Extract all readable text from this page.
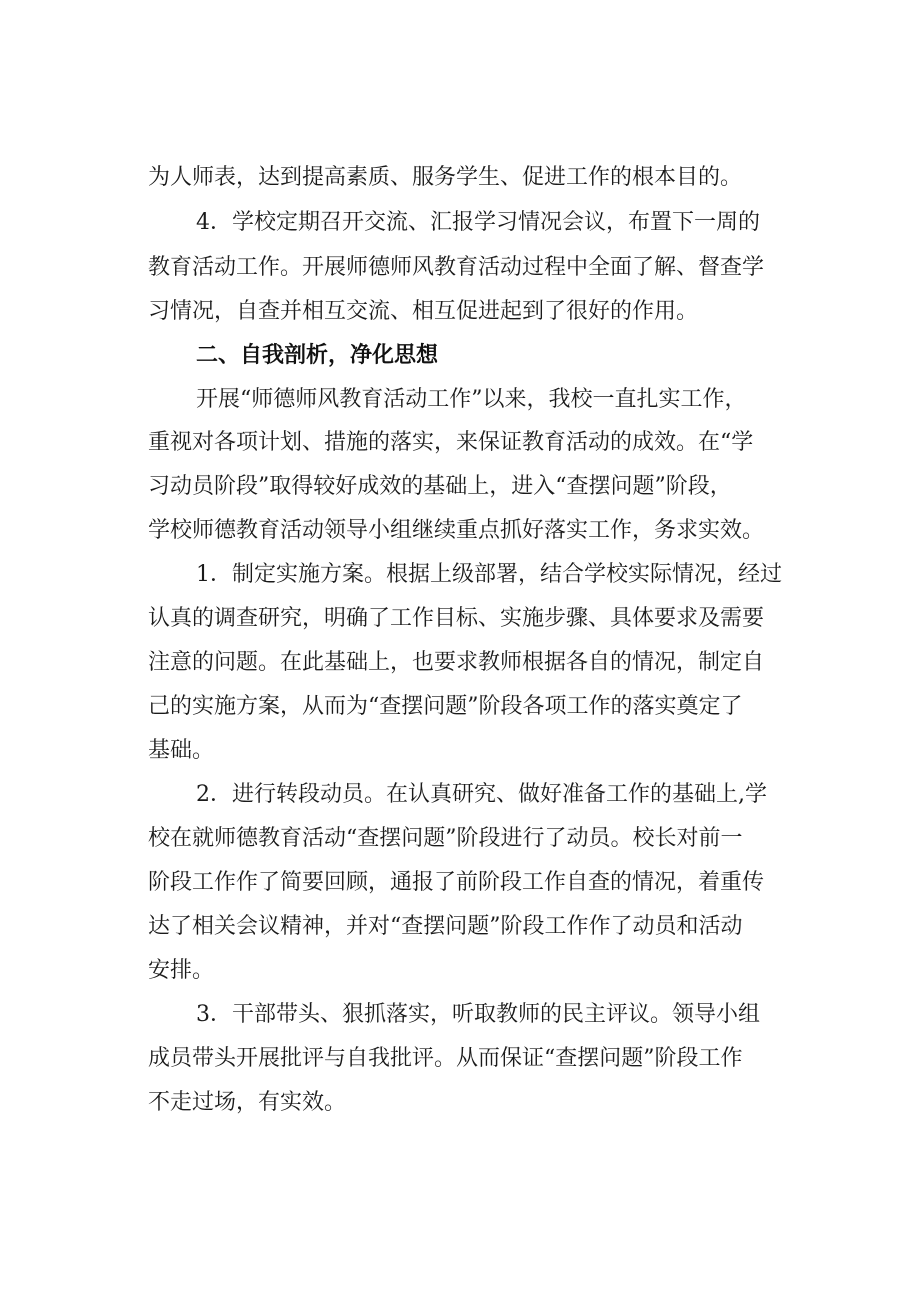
为人师表，达到提高素质、服务学生、促进工作的根本目的。

4．学校定期召开交流、汇报学习情况会议，布置下一周的

教育活动工作。开展师德师风教育活动过程中全面了解、督查学

习情况，自查并相互交流、相互促进起到了很好的作用。

二、自我剖析，净化思想

开展“师德师风教育活动工作”以来，我校一直扎实工作，

重视对各项计划、措施的落实，来保证教育活动的成效。在“学

习动员阶段”取得较好成效的基础上，进入“查摆问题”阶段，

学校师德教育活动领导小组继续重点抓好落实工作，务求实效。

1．制定实施方案。根据上级部署，结合学校实际情况，经过

认真的调查研究，明确了工作目标、实施步骤、具体要求及需要

注意的问题。在此基础上，也要求教师根据各自的情况，制定自

己的实施方案，从而为“查摆问题”阶段各项工作的落实奠定了

基础。

2．进行转段动员。在认真研究、做好准备工作的基础上,学

校在就师德教育活动“查摆问题”阶段进行了动员。校长对前一

阶段工作作了简要回顾，通报了前阶段工作自查的情况，着重传

达了相关会议精神，并对“查摆问题”阶段工作作了动员和活动

安排。

3．干部带头、狠抓落实，听取教师的民主评议。领导小组

成员带头开展批评与自我批评。从而保证“查摆问题”阶段工作

不走过场，有实效。
